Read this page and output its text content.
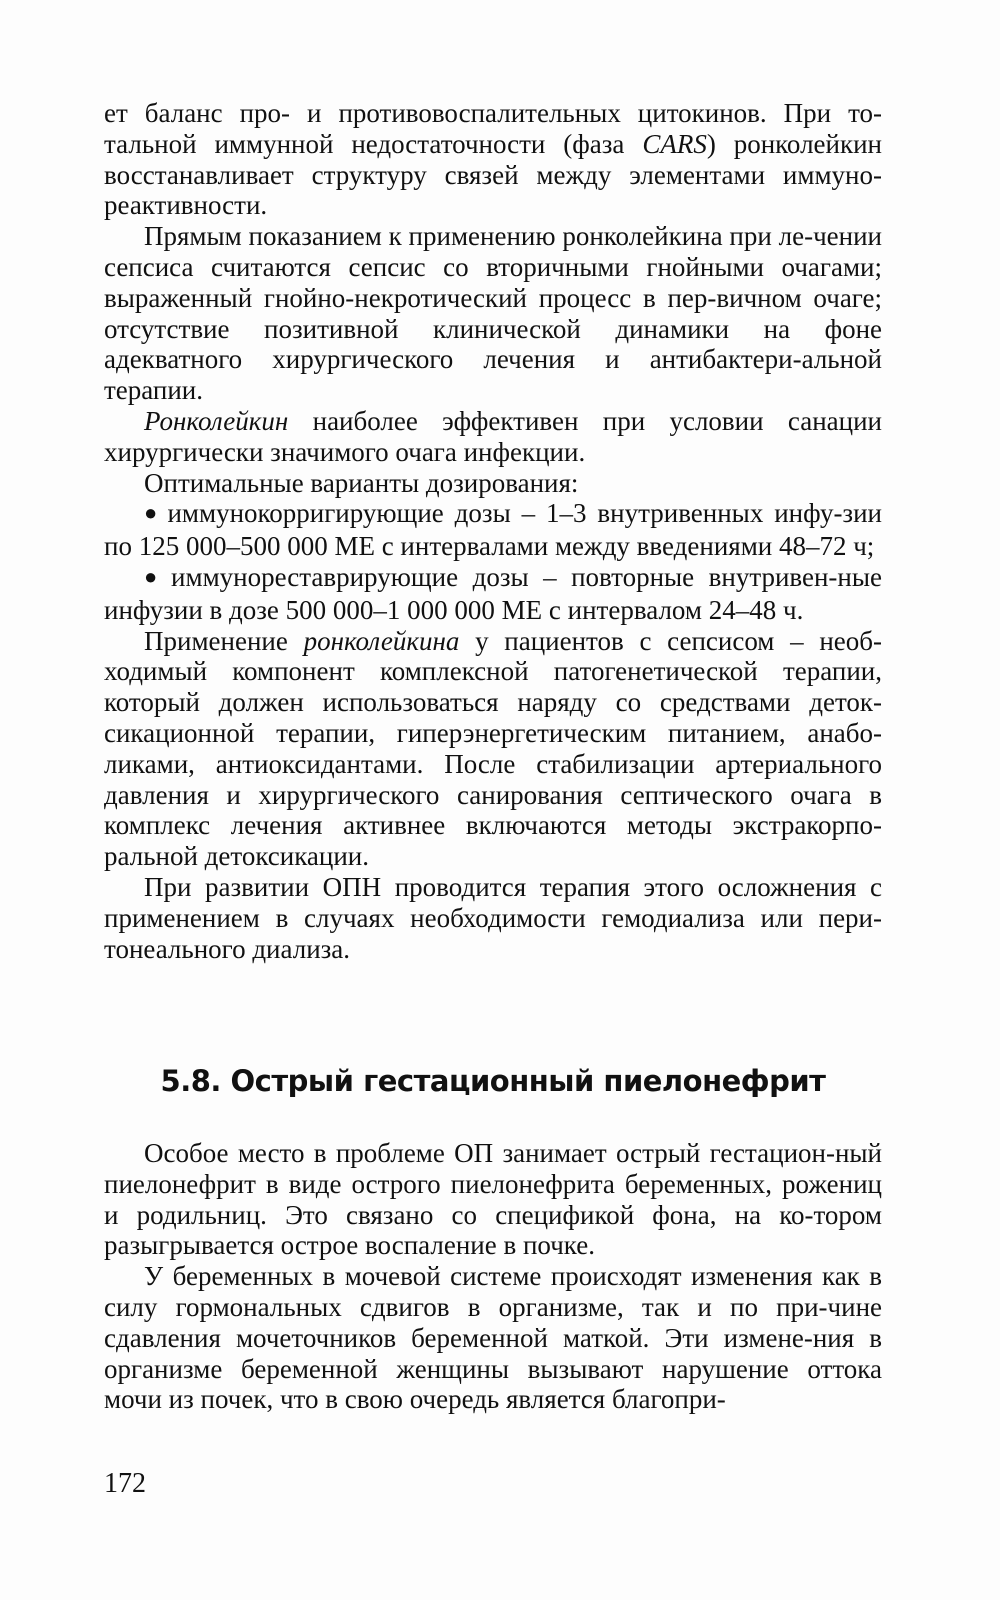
ет баланс про- и противовоспалительных цитокинов. При то-тальной иммунной недостаточности (фаза CARS) ронколейкин восстанавливает структуру связей между элементами иммуно-реактивности.

Прямым показанием к применению ронколейкина при ле-чении сепсиса считаются сепсис со вторичными гнойными очагами; выраженный гнойно-некротический процесс в пер-вичном очаге; отсутствие позитивной клинической динамики на фоне адекватного хирургического лечения и антибактери-альной терапии.

Ронколейкин наиболее эффективен при условии санации хирургически значимого очага инфекции.

Оптимальные варианты дозирования:

● иммунокорригирующие дозы – 1–3 внутривенных инфу-зии по 125 000–500 000 МЕ с интервалами между введениями 48–72 ч;

● иммунореставрирующие дозы – повторные внутривен-ные инфузии в дозе 500 000–1 000 000 МЕ с интервалом 24–48 ч.

Применение ронколейкина у пациентов с сепсисом – необ-ходимый компонент комплексной патогенетической терапии, который должен использоваться наряду со средствами деток-сикационной терапии, гиперэнергетическим питанием, анабо-ликами, антиоксидантами. После стабилизации артериального давления и хирургического санирования септического очага в комплекс лечения активнее включаются методы экстракорпо-ральной детоксикации.

При развитии ОПН проводится терапия этого осложнения с применением в случаях необходимости гемодиализа или пери-тонеального диализа.

5.8. Острый гестационный пиелонефрит

Особое место в проблеме ОП занимает острый гестацион-ный пиелонефрит в виде острого пиелонефрита беременных, рожениц и родильниц. Это связано со спецификой фона, на ко-тором разыгрывается острое воспаление в почке.

У беременных в мочевой системе происходят изменения как в силу гормональных сдвигов в организме, так и по при-чине сдавления мочеточников беременной маткой. Эти измене-ния в организме беременной женщины вызывают нарушение оттока мочи из почек, что в свою очередь является благопри-

172
